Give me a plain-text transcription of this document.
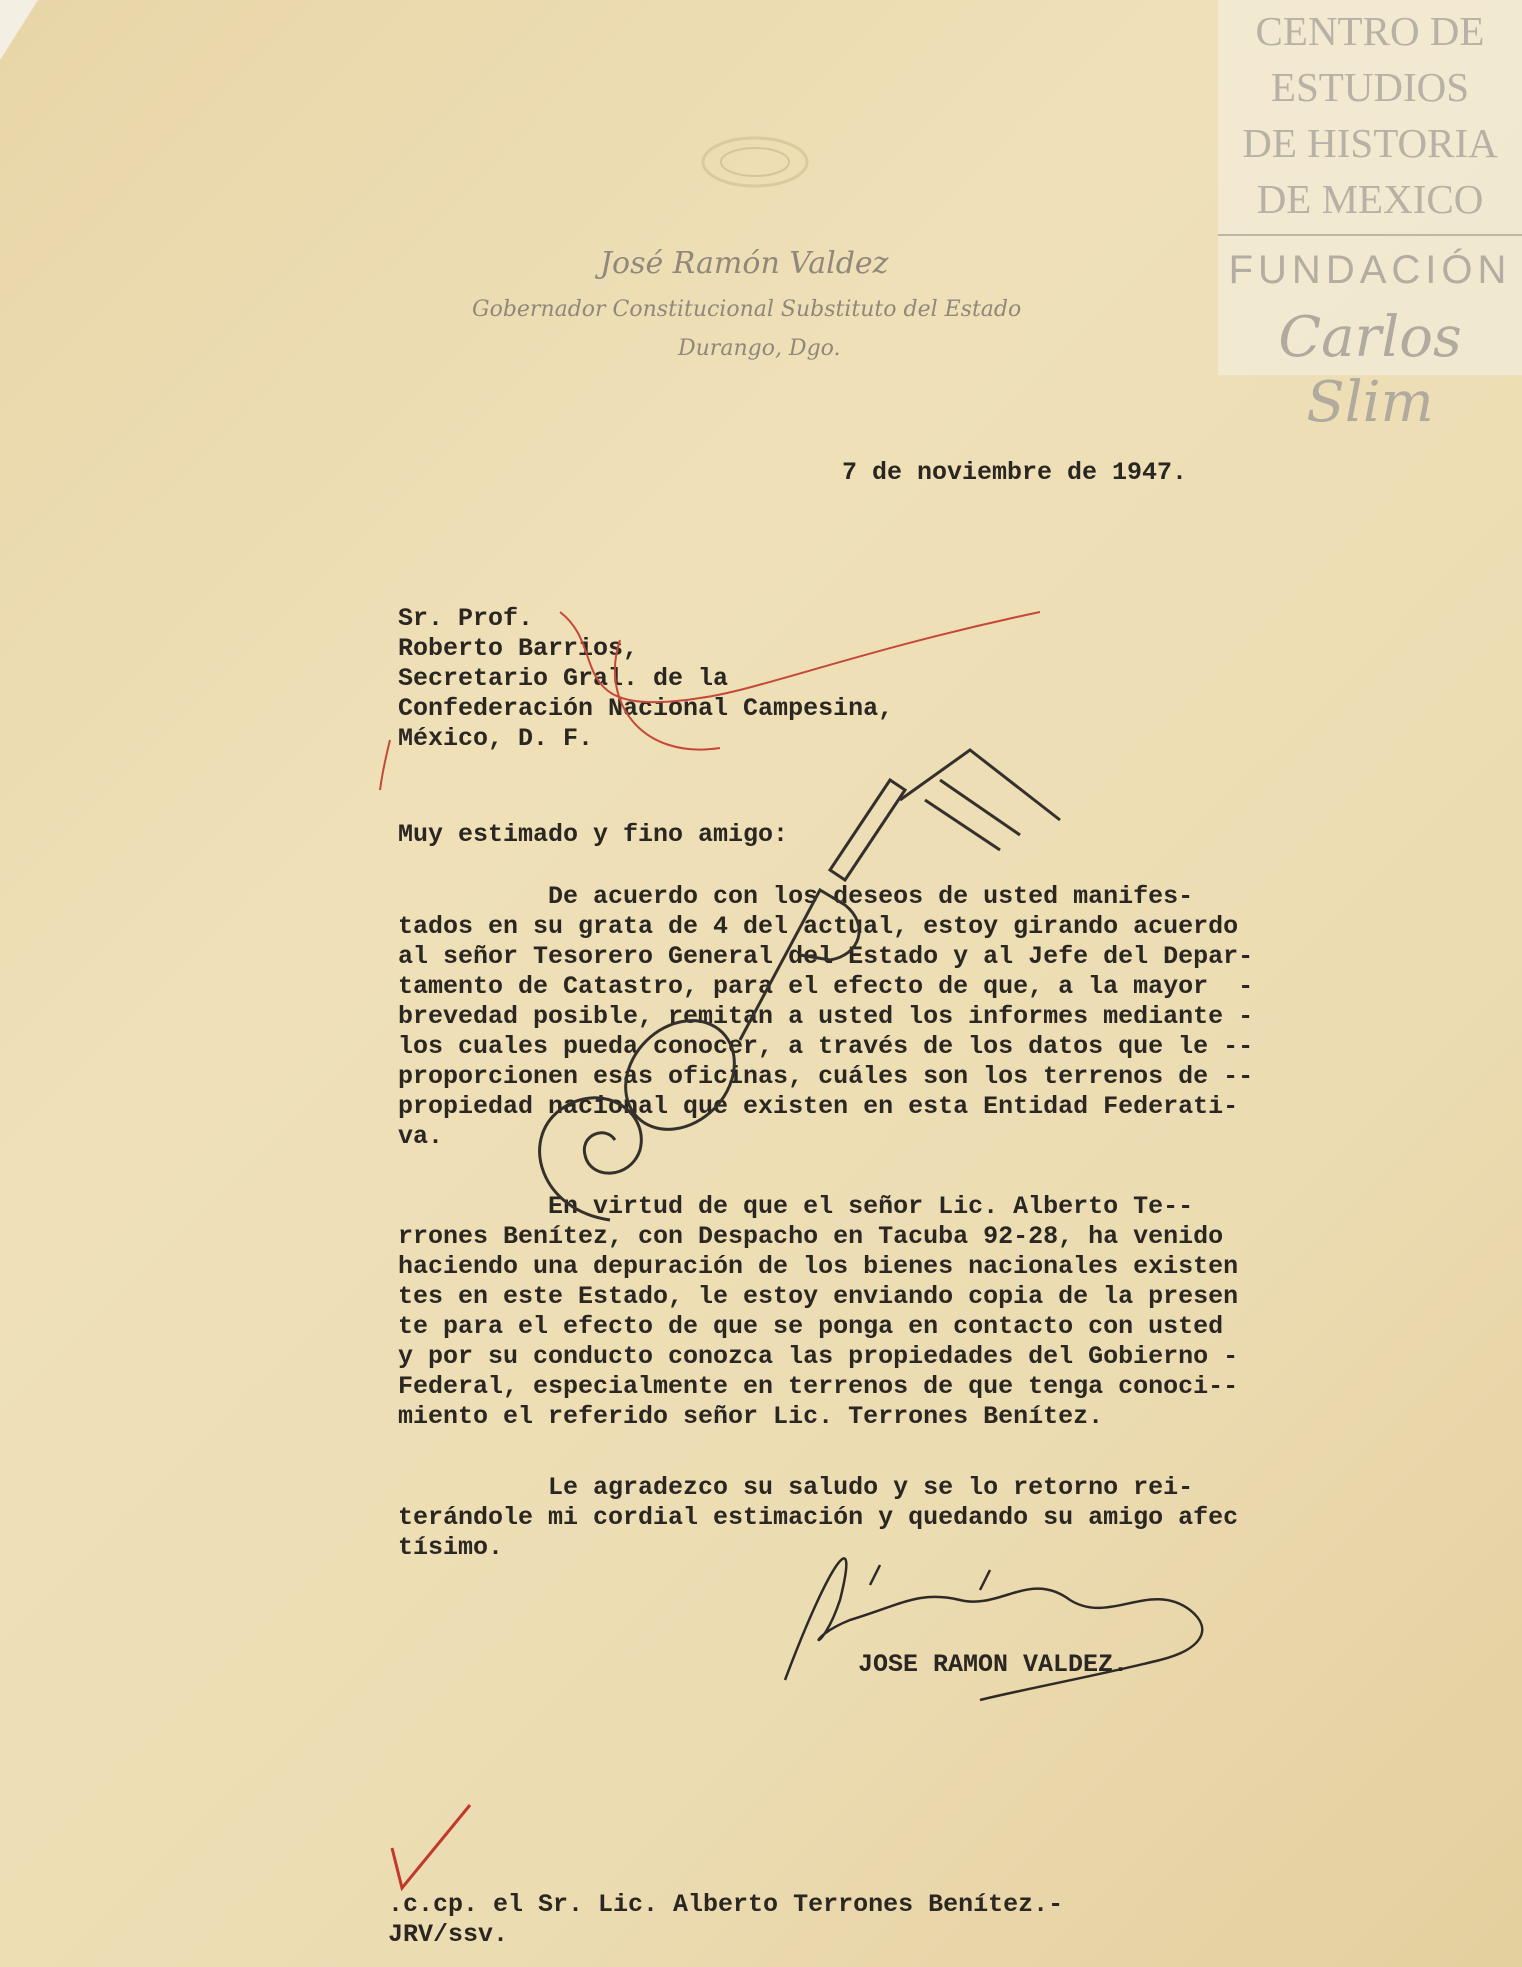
CENTRO DE
ESTUDIOS
DE HISTORIA
DE MEXICO
FUNDACIÓN
Carlos Slim
José Ramón Valdez
Gobernador Constitucional Substituto del Estado
Durango, Dgo.
7 de noviembre de 1947.
Sr. Prof.
Roberto Barrios,
Secretario Gral. de la
Confederación Nacional Campesina,
México, D. F.
Muy estimado y fino amigo:
De acuerdo con los deseos de usted manifes-
tados en su grata de 4 del actual, estoy girando acuerdo
al señor Tesorero General del Estado y al Jefe del Depar-
tamento de Catastro, para el efecto de que, a la mayor  -
brevedad posible, remitan a usted los informes mediante -
los cuales pueda conocer, a través de los datos que le --
proporcionen esas oficinas, cuáles son los terrenos de --
propiedad nacional que existen en esta Entidad Federati-
va.
En virtud de que el señor Lic. Alberto Te--
rrones Benítez, con Despacho en Tacuba 92-28, ha venido
haciendo una depuración de los bienes nacionales existen
tes en este Estado, le estoy enviando copia de la presen
te para el efecto de que se ponga en contacto con usted
y por su conducto conozca las propiedades del Gobierno -
Federal, especialmente en terrenos de que tenga conoci--
miento el referido señor Lic. Terrones Benítez.
Le agradezco su saludo y se lo retorno rei-
terándole mi cordial estimación y quedando su amigo afec
tísimo.
JOSE RAMON VALDEZ.
.c.cp. el Sr. Lic. Alberto Terrones Benítez.-
JRV/ssv.
